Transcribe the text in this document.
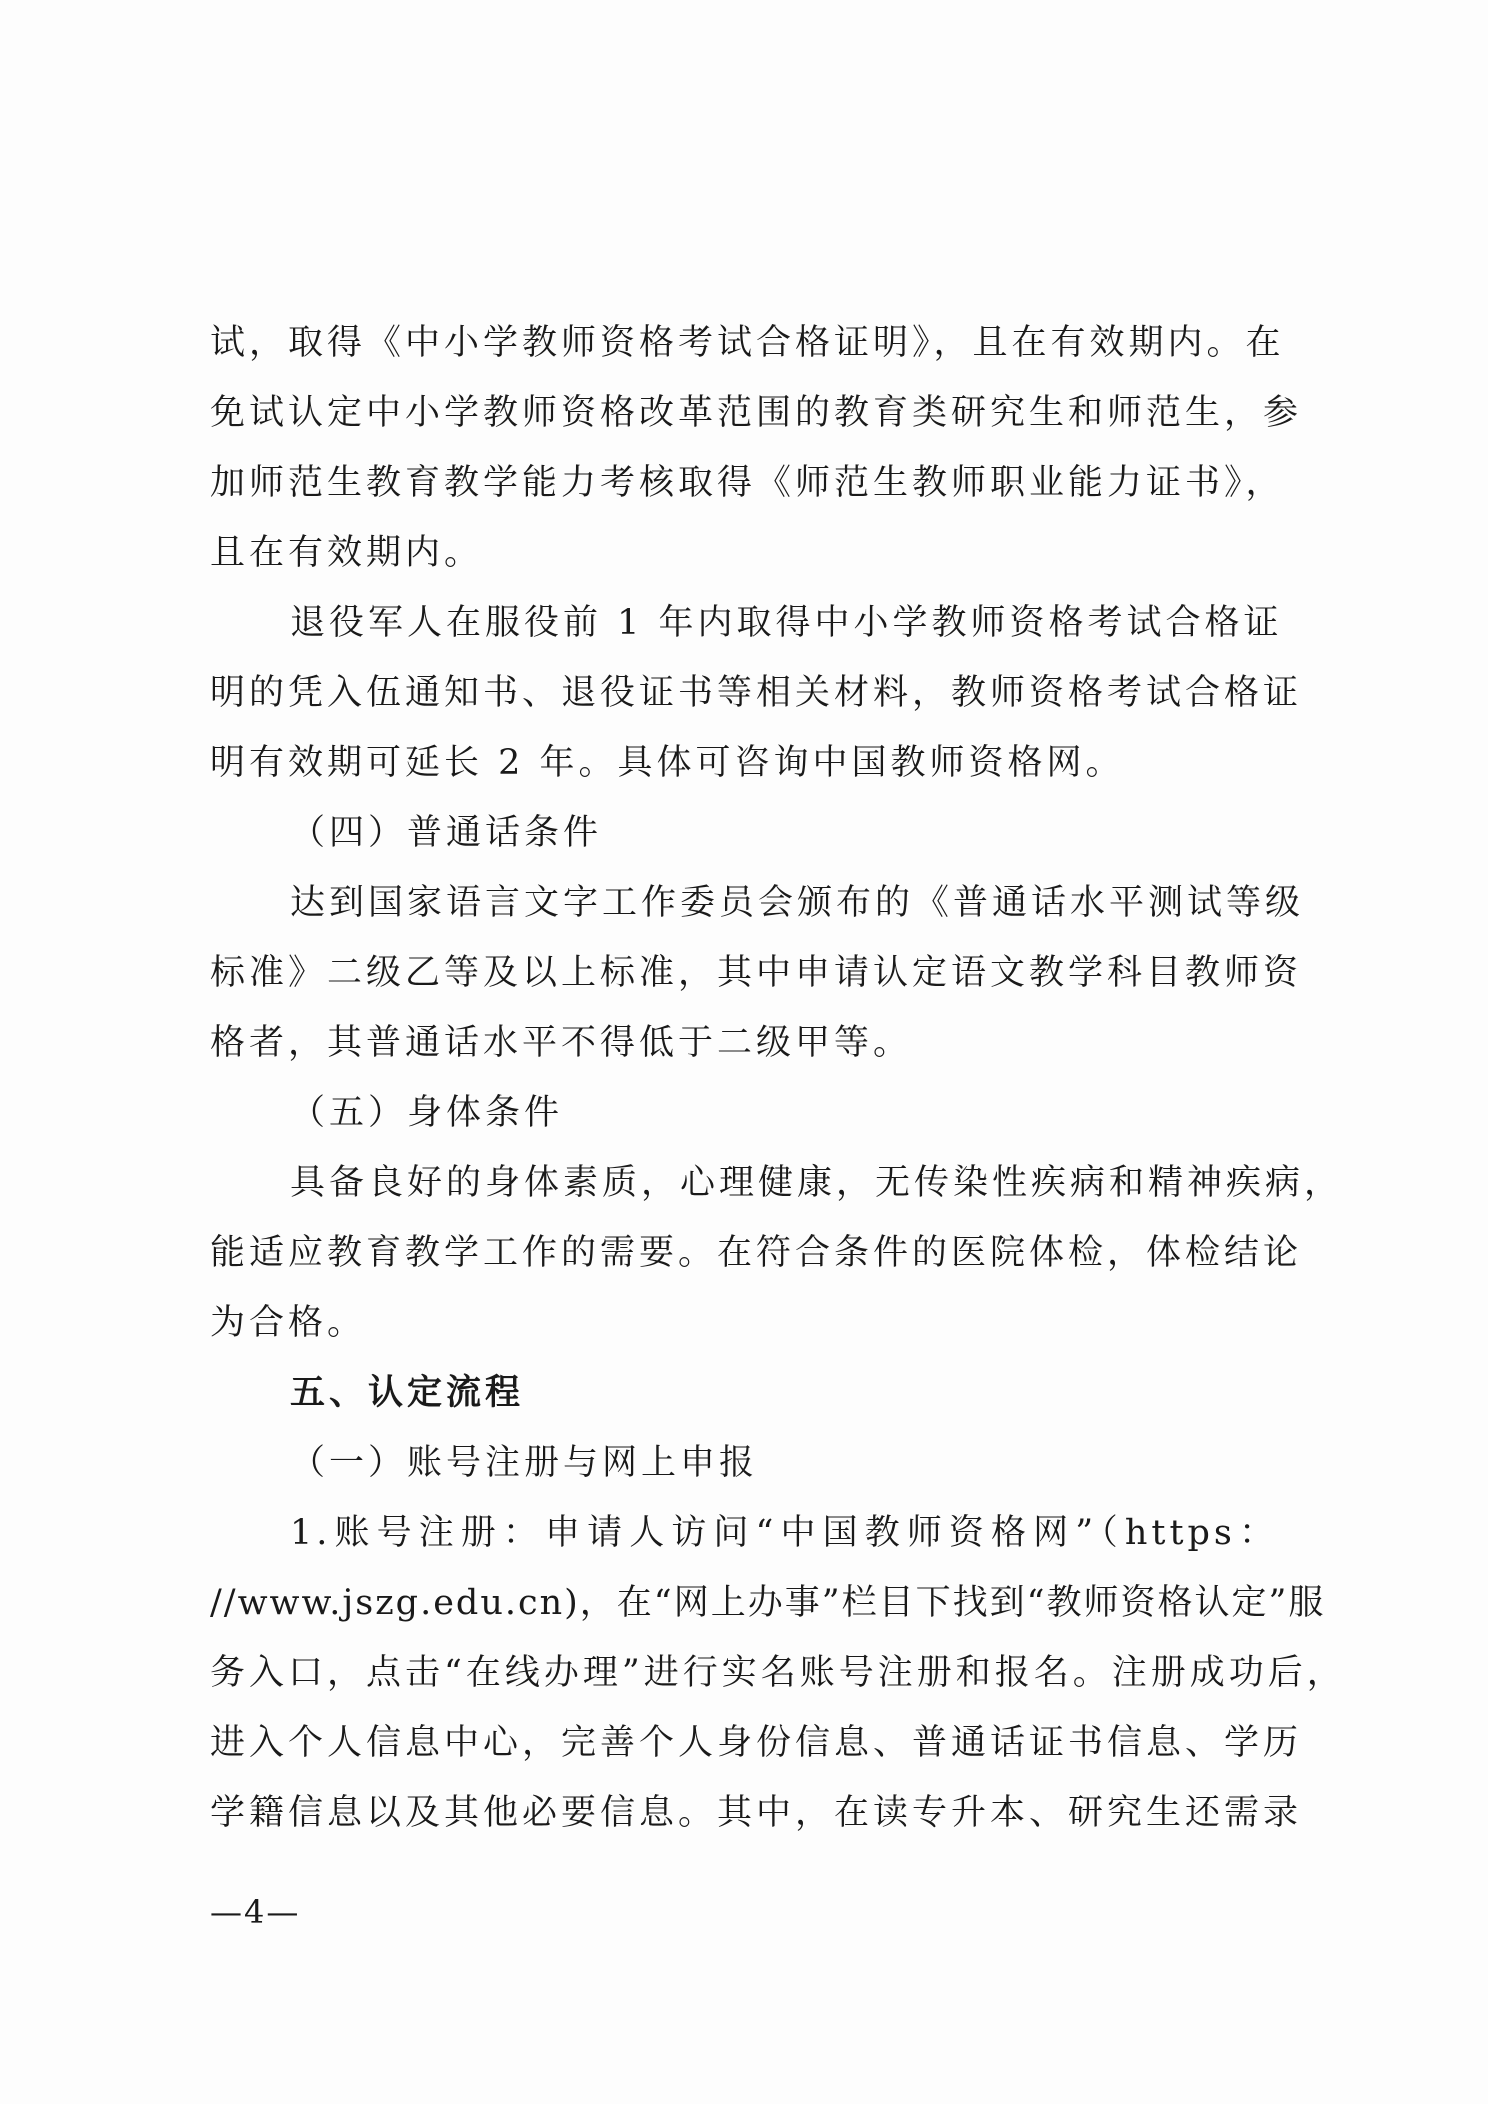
试，取得《中小学教师资格考试合格证明》，且在有效期内。在
免试认定中小学教师资格改革范围的教育类研究生和师范生，参
加师范生教育教学能力考核取得《师范生教师职业能力证书》，
且在有效期内。
退役军人在服役前 1 年内取得中小学教师资格考试合格证
明的凭入伍通知书、退役证书等相关材料，教师资格考试合格证
明有效期可延长 2 年。具体可咨询中国教师资格网。
（四）普通话条件
达到国家语言文字工作委员会颁布的《普通话水平测试等级
标准》二级乙等及以上标准，其中申请认定语文教学科目教师资
格者，其普通话水平不得低于二级甲等。
（五）身体条件
具备良好的身体素质，心理健康，无传染性疾病和精神疾病，
能适应教育教学工作的需要。在符合条件的医院体检，体检结论
为合格。
五、认定流程
（一）账号注册与网上申报
1.账号注册：申请人访问“中国教师资格网”（https：
//www.jszg.edu.cn)，在“网上办事”栏目下找到“教师资格认定”服
务入口，点击“在线办理”进行实名账号注册和报名。注册成功后，
进入个人信息中心，完善个人身份信息、普通话证书信息、学历
学籍信息以及其他必要信息。其中，在读专升本、研究生还需录
—4—
